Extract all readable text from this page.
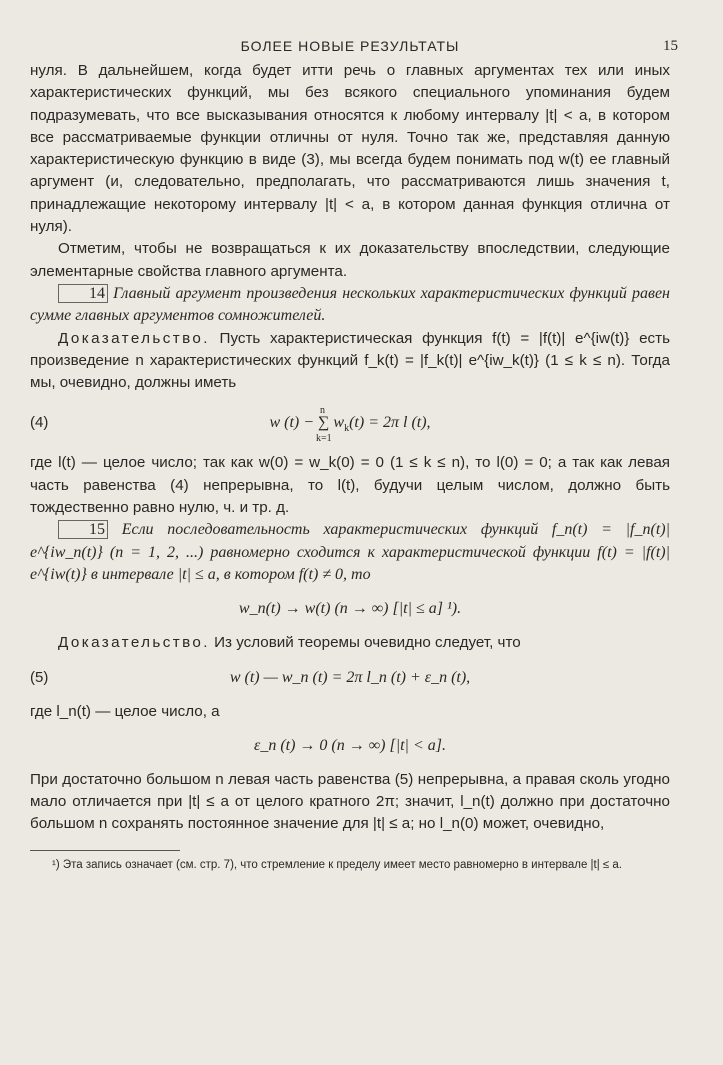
БОЛЕЕ НОВЫЕ РЕЗУЛЬТАТЫ	15

нуля. В дальнейшем, когда будет итти речь о главных аргументах тех или иных характеристических функций, мы без всякого специального упоминания будем подразумевать, что все высказывания относятся к любому интервалу |t| < a, в котором все рассматриваемые функции отличны от нуля. Точно так же, представляя данную характеристическую функцию в виде (3), мы всегда будем понимать под w(t) ее главный аргумент (и, следовательно, предполагать, что рассматриваются лишь значения t, принадлежащие некоторому интервалу |t| < a, в котором данная функция отлична от нуля).

Отметим, чтобы не возвращаться к их доказательству впоследствии, следующие элементарные свойства главного аргумента.

14 Главный аргумент произведения нескольких характеристических функций равен сумме главных аргументов сомножителей.

Доказательство. Пусть характеристическая функция f(t) = |f(t)| e^{iw(t)} есть произведение n характеристических функций f_k(t) = |f_k(t)| e^{iw_k(t)} (1 ≤ k ≤ n). Тогда мы, очевидно, должны иметь

(4)	w (t) − ∑
n
k=1
$w_k(t) = 2\pi$ l (t),

где l(t) — целое число; так как w(0) = w_k(0) = 0 (1 ≤ k ≤ n), то l(0) = 0; а так как левая часть равенства (4) непрерывна, то l(t), будучи целым числом, должно быть тождественно равно нулю, ч. и тр. д.

15 Если последовательность характеристических функций f_n(t) = |f_n(t)| e^{iw_n(t)} (n = 1, 2, ...) равномерно сходится к характеристической функции f(t) = |f(t)| e^{iw(t)} в интервале |t| ≤ a, в котором f(t) ≠ 0, то

w_n(t) → w(t) (n → ∞) [|t| ≤ a] ¹).

Доказательство. Из условий теоремы очевидно следует, что

(5)	w (t) — w_n (t) = 2π l_n (t) + ε_n (t),

где l_n(t) — целое число, а

ε_n (t) → 0 (n → ∞) [|t| < a].

При достаточно большом n левая часть равенства (5) непрерывна, а правая сколь угодно мало отличается при |t| ≤ a от целого кратного 2π; значит, l_n(t) должно при достаточно большом n сохранять постоянное значение для |t| ≤ a; но l_n(0) может, очевидно,

¹) Эта запись означает (см. стр. 7), что стремление к пределу имеет место равномерно в интервале |t| ≤ a.
